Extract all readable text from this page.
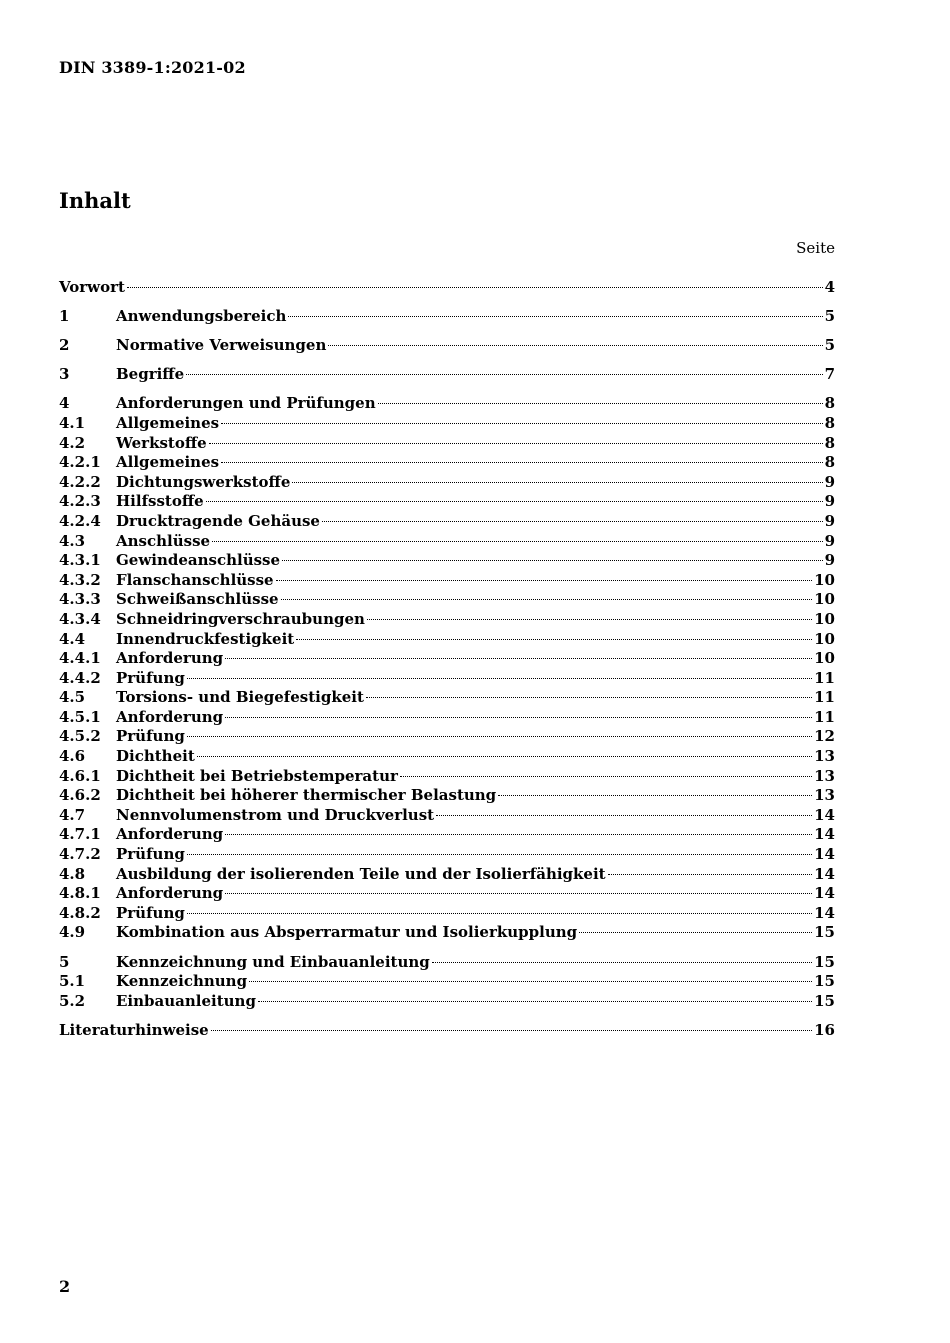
DIN 3389-1:2021-02
Inhalt
Seite
Vorwort	4
1	Anwendungsbereich	5
2	Normative Verweisungen	5
3	Begriffe	7
4	Anforderungen und Prüfungen	8
4.1	Allgemeines	8
4.2	Werkstoffe	8
4.2.1	Allgemeines	8
4.2.2	Dichtungswerkstoffe	9
4.2.3	Hilfsstoffe	9
4.2.4	Drucktragende Gehäuse	9
4.3	Anschlüsse	9
4.3.1	Gewindeanschlüsse	9
4.3.2	Flanschanschlüsse	10
4.3.3	Schweißanschlüsse	10
4.3.4	Schneidringverschraubungen	10
4.4	Innendruckfestigkeit	10
4.4.1	Anforderung	10
4.4.2	Prüfung	11
4.5	Torsions- und Biegefestigkeit	11
4.5.1	Anforderung	11
4.5.2	Prüfung	12
4.6	Dichtheit	13
4.6.1	Dichtheit bei Betriebstemperatur	13
4.6.2	Dichtheit bei höherer thermischer Belastung	13
4.7	Nennvolumenstrom und Druckverlust	14
4.7.1	Anforderung	14
4.7.2	Prüfung	14
4.8	Ausbildung der isolierenden Teile und der Isolierfähigkeit	14
4.8.1	Anforderung	14
4.8.2	Prüfung	14
4.9	Kombination aus Absperrarmatur und Isolierkupplung	15
5	Kennzeichnung und Einbauanleitung	15
5.1	Kennzeichnung	15
5.2	Einbauanleitung	15
Literaturhinweise	16
2
